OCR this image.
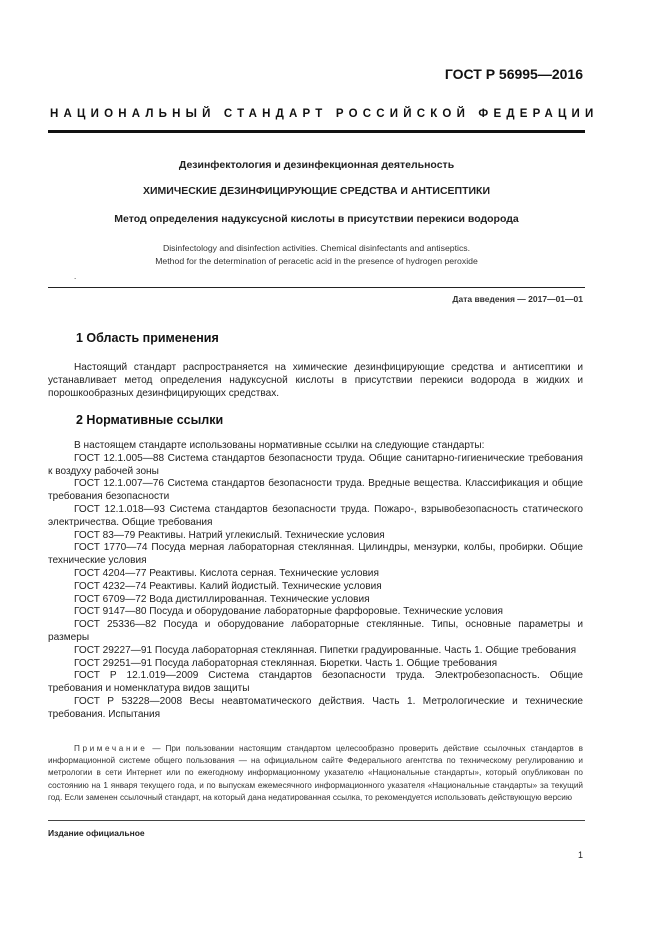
ГОСТ Р 56995—2016
НАЦИОНАЛЬНЫЙ СТАНДАРТ РОССИЙСКОЙ ФЕДЕРАЦИИ
Дезинфектология и дезинфекционная деятельность
ХИМИЧЕСКИЕ ДЕЗИНФИЦИРУЮЩИЕ СРЕДСТВА И АНТИСЕПТИКИ
Метод определения надуксусной кислоты в присутствии перекиси водорода
Disinfectology and disinfection activities. Chemical disinfectants and antiseptics.
Method for the determination of peracetic acid in the presence of hydrogen peroxide
.
Дата введения — 2017—01—01
1 Область применения
Настоящий стандарт распространяется на химические дезинфицирующие средства и антисептики и устанавливает метод определения надуксусной кислоты в присутствии перекиси водорода в жидких и порошкообразных дезинфицирующих средствах.
2 Нормативные ссылки
В настоящем стандарте использованы нормативные ссылки на следующие стандарты:
ГОСТ 12.1.005—88 Система стандартов безопасности труда. Общие санитарно-гигиенические требования к воздуху рабочей зоны
ГОСТ 12.1.007—76 Система стандартов безопасности труда. Вредные вещества. Классификация и общие требования безопасности
ГОСТ 12.1.018—93 Система стандартов безопасности труда. Пожаро-, взрывобезопасность статического электричества. Общие требования
ГОСТ 83—79 Реактивы. Натрий углекислый. Технические условия
ГОСТ 1770—74 Посуда мерная лабораторная стеклянная. Цилиндры, мензурки, колбы, пробирки. Общие технические условия
ГОСТ 4204—77 Реактивы. Кислота серная. Технические условия
ГОСТ 4232—74 Реактивы. Калий йодистый. Технические условия
ГОСТ 6709—72 Вода дистиллированная. Технические условия
ГОСТ 9147—80 Посуда и оборудование лабораторные фарфоровые. Технические условия
ГОСТ 25336—82 Посуда и оборудование лабораторные стеклянные. Типы, основные параметры и размеры
ГОСТ 29227—91 Посуда лабораторная стеклянная. Пипетки градуированные. Часть 1. Общие требования
ГОСТ 29251—91 Посуда лабораторная стеклянная. Бюретки. Часть 1. Общие требования
ГОСТ Р 12.1.019—2009 Система стандартов безопасности труда. Электробезопасность. Общие требования и номенклатура видов защиты
ГОСТ Р 53228—2008 Весы неавтоматического действия. Часть 1. Метрологические и технические требования. Испытания
Примечание — При пользовании настоящим стандартом целесообразно проверить действие ссылочных стандартов в информационной системе общего пользования — на официальном сайте Федерального агентства по техническому регулированию и метрологии в сети Интернет или по ежегодному информационному указателю «Национальные стандарты», который опубликован по состоянию на 1 января текущего года, и по выпускам ежемесячного информационного указателя «Национальные стандарты» за текущий год. Если заменен ссылочный стандарт, на который дана недатированная ссылка, то рекомендуется использовать действующую версию
Издание официальное
1
